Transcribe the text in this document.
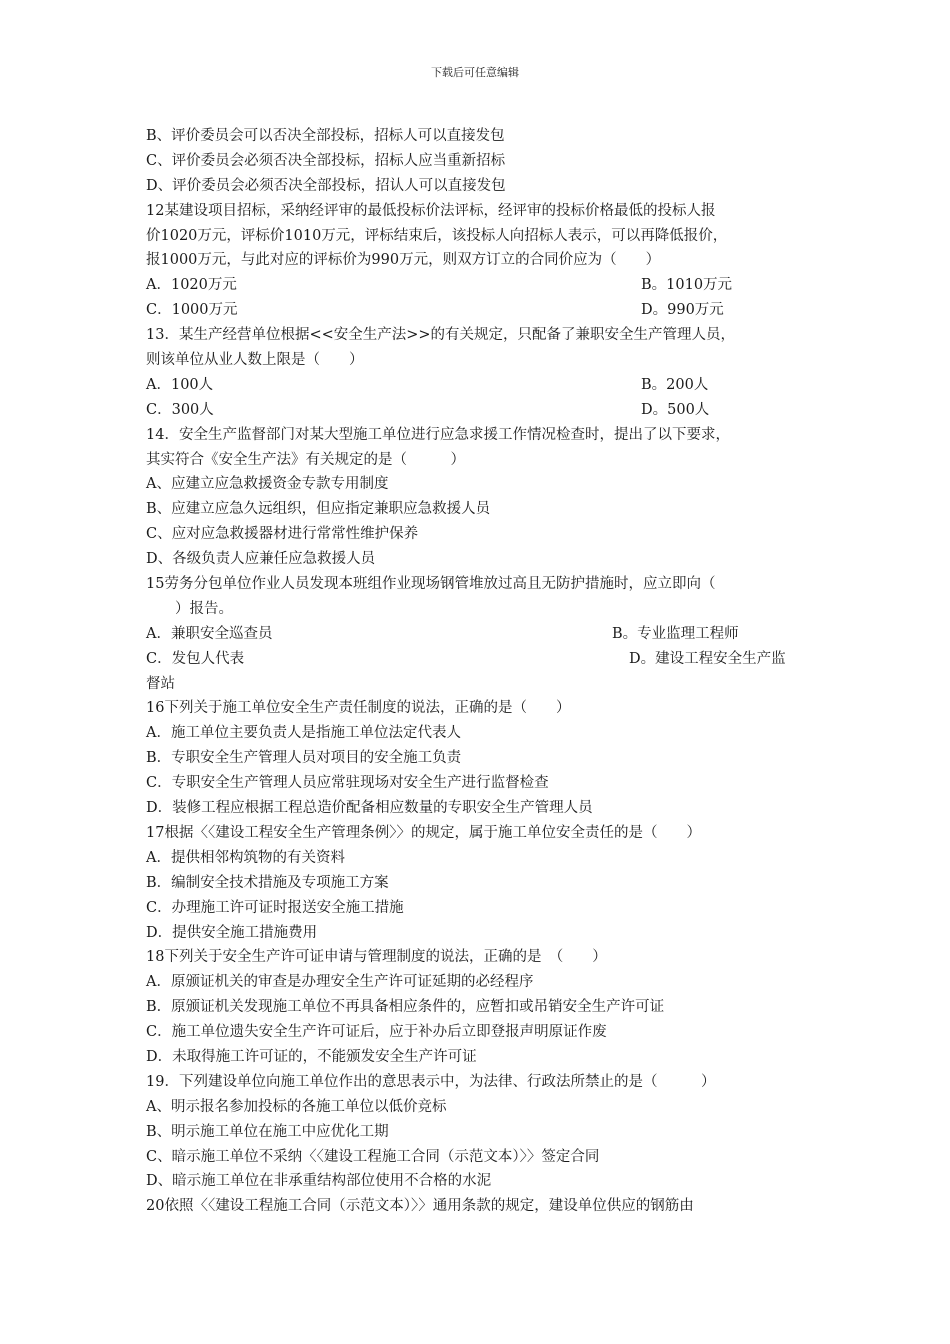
下载后可任意编辑
B、评价委员会可以否决全部投标，招标人可以直接发包
C、评价委员会必须否决全部投标，招标人应当重新招标
D、评价委员会必须否决全部投标，招认人可以直接发包
12某建设项目招标，采纳经评审的最低投标价法评标，经评审的投标价格最低的投标人报
价1020万元，评标价1010万元，评标结束后，该投标人向招标人表示，可以再降低报价，
报1000万元，与此对应的评标价为990万元，则双方订立的合同价应为（　　）
A．1020万元	B。1010万元
C．1000万元	D。990万元
13．某生产经营单位根据<<安全生产法>>的有关规定，只配备了兼职安全生产管理人员，
则该单位从业人数上限是（　　）
A．100人	B。200人
C．300人	D。500人
14．安全生产监督部门对某大型施工单位进行应急求援工作情况检查时，提出了以下要求，
其实符合《安全生产法》有关规定的是（　　　）
A、应建立应急救援资金专款专用制度
B、应建立应急久远组织，但应指定兼职应急救援人员
C、应对应急救援器材进行常常性维护保养
D、各级负责人应兼任应急救援人员
15劳务分包单位作业人员发现本班组作业现场钢管堆放过高且无防护措施时，应立即向（
　　）报告。
A．兼职安全巡查员	B。专业监理工程师
C．发包人代表	D。建设工程安全生产监
督站
16下列关于施工单位安全生产责任制度的说法，正确的是（　　）
A．施工单位主要负责人是指施工单位法定代表人
B．专职安全生产管理人员对项目的安全施工负责
C．专职安全生产管理人员应常驻现场对安全生产进行监督检查
D．装修工程应根据工程总造价配备相应数量的专职安全生产管理人员
17根据〈〈建设工程安全生产管理条例〉〉的规定，属于施工单位安全责任的是（　　）
A．提供相邻构筑物的有关资料
B．编制安全技术措施及专项施工方案
C．办理施工许可证时报送安全施工措施
D．提供安全施工措施费用
18下列关于安全生产许可证申请与管理制度的说法，正确的是　（　　）
A．原颁证机关的审查是办理安全生产许可证延期的必经程序
B．原颁证机关发现施工单位不再具备相应条件的，应暂扣或吊销安全生产许可证
C．施工单位遗失安全生产许可证后，应于补办后立即登报声明原证作废
D．未取得施工许可证的，不能颁发安全生产许可证
19．下列建设单位向施工单位作出的意思表示中，为法律、行政法所禁止的是（　　　）
A、明示报名参加投标的各施工单位以低价竞标
B、明示施工单位在施工中应优化工期
C、暗示施工单位不采纳〈〈建设工程施工合同（示范文本）〉〉签定合同
D、暗示施工单位在非承重结构部位使用不合格的水泥
20依照〈〈建设工程施工合同（示范文本）〉〉通用条款的规定，建设单位供应的钢筋由
